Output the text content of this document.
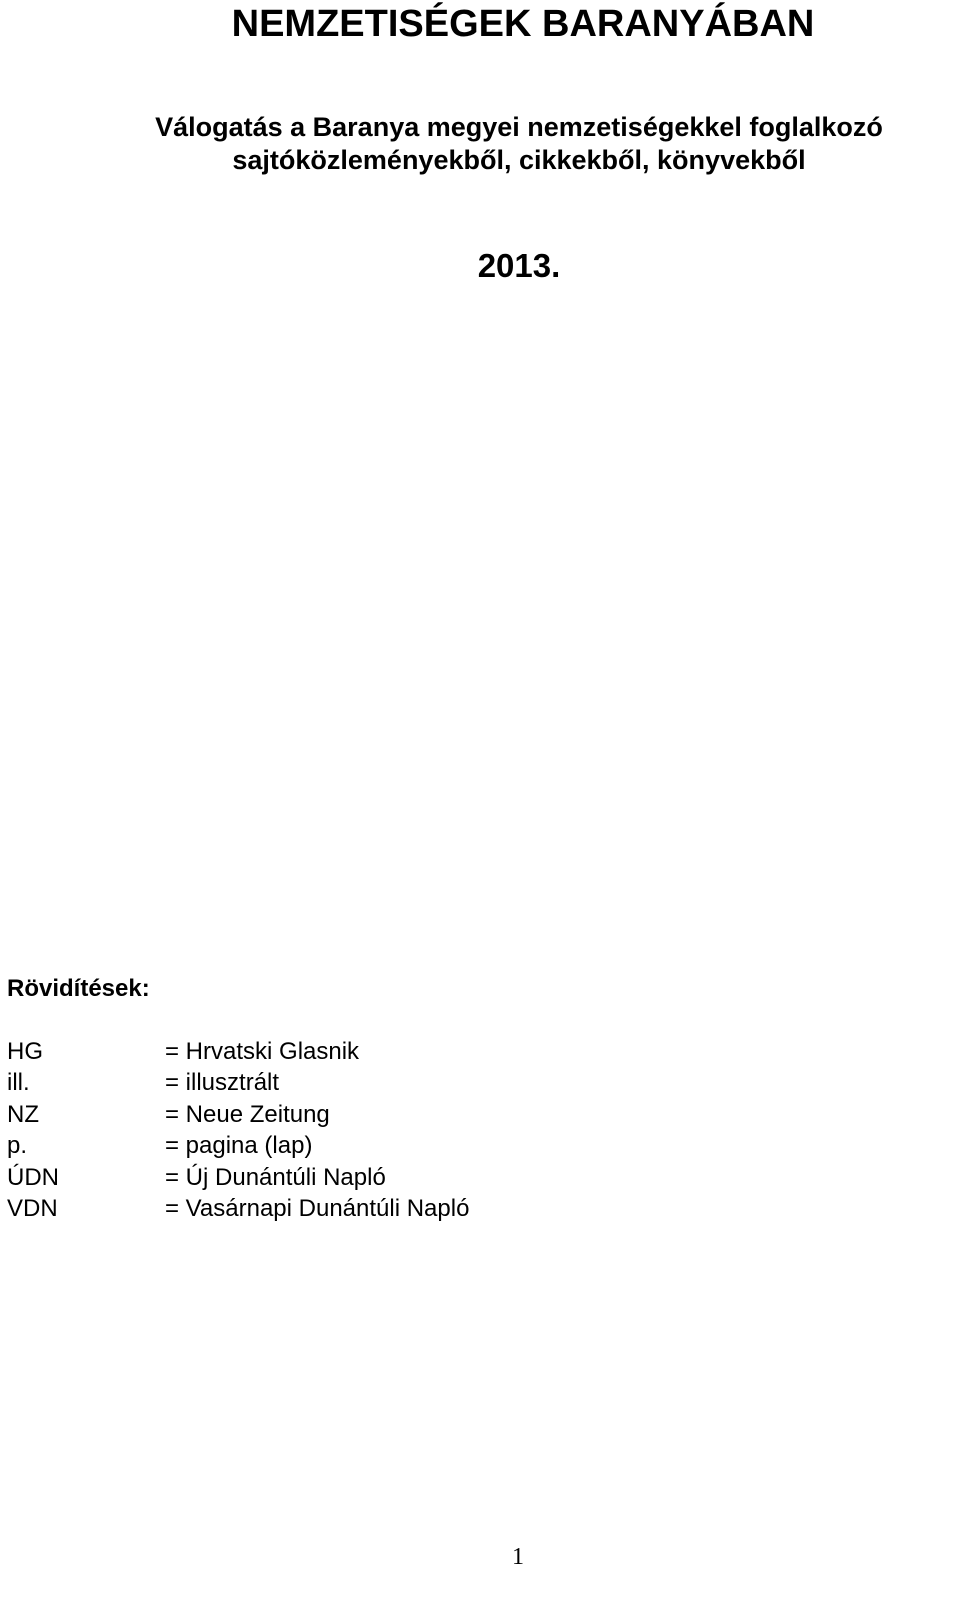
NEMZETISÉGEK BARANYÁBAN
Válogatás a Baranya megyei nemzetiségekkel foglalkozó
sajtóközleményekből, cikkekből, könyvekből
2013.
Rövidítések:
HG	= Hrvatski Glasnik
ill.	= illusztrált
NZ	= Neue Zeitung
p.	= pagina (lap)
ÚDN	= Új Dunántúli Napló
VDN	= Vasárnapi Dunántúli Napló
1
